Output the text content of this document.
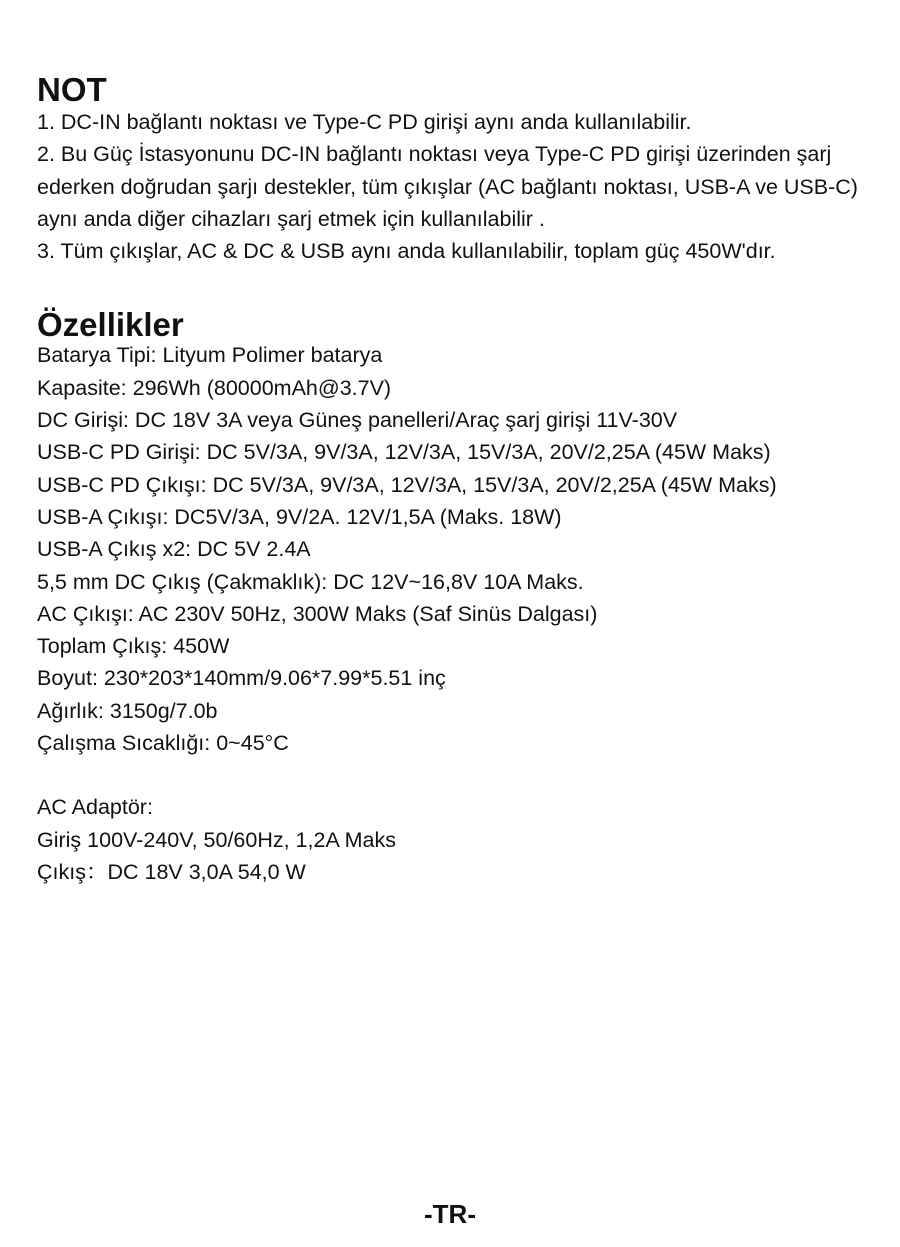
NOT

1. DC-IN bağlantı noktası ve Type-C PD girişi aynı anda kullanılabilir.

2. Bu Güç İstasyonunu DC-IN bağlantı noktası veya Type-C PD girişi üzerinden şarj ederken doğrudan şarjı destekler, tüm çıkışlar (AC bağlantı noktası, USB-A ve USB-C) aynı anda diğer cihazları şarj etmek için kullanılabilir .

3. Tüm çıkışlar, AC & DC & USB aynı anda kullanılabilir, toplam güç 450W'dır.

Özellikler
Batarya Tipi: Lityum Polimer batarya
Kapasite: 296Wh (80000mAh@3.7V)
DC Girişi: DC 18V 3A veya Güneş panelleri/Araç şarj girişi 11V-30V
USB-C PD Girişi: DC 5V/3A, 9V/3A, 12V/3A, 15V/3A, 20V/2,25A (45W Maks)
USB-C PD Çıkışı: DC 5V/3A, 9V/3A, 12V/3A, 15V/3A, 20V/2,25A (45W Maks)
USB-A Çıkışı: DC5V/3A, 9V/2A. 12V/1,5A (Maks. 18W)
USB-A Çıkış x2: DC 5V 2.4A
5,5 mm DC Çıkış (Çakmaklık): DC 12V~16,8V 10A Maks.
AC Çıkışı: AC 230V 50Hz, 300W Maks (Saf Sinüs Dalgası)
Toplam Çıkış: 450W
Boyut: 230*203*140mm/9.06*7.99*5.51 inç
Ağırlık: 3150g/7.0b
Çalışma Sıcaklığı: 0~45°C
AC Adaptör:
Giriş 100V-240V, 50/60Hz, 1,2A Maks
Çıkış：DC 18V 3,0A 54,0 W
-TR-
